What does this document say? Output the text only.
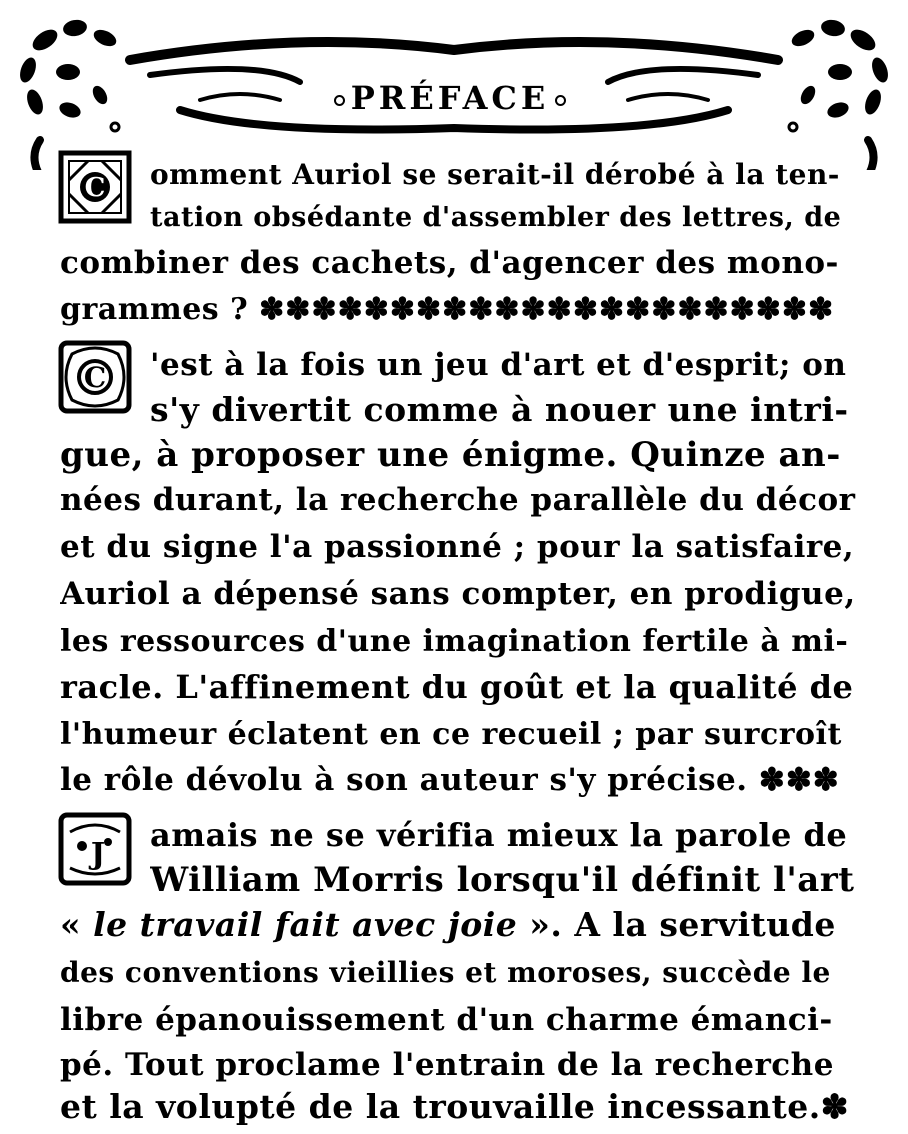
PRÉFACE
C
C
J
omment Auriol se serait-il dérobé à la ten-
tation obsédante d'assembler des lettres, de
combiner des cachets, d'agencer des mono-
grammes ? ✽✽✽✽✽✽✽✽✽✽✽✽✽✽✽✽✽✽✽✽✽✽
'est à la fois un jeu d'art et d'esprit; on
s'y divertit comme à nouer une intri-
gue, à proposer une énigme. Quinze an-
nées durant, la recherche parallèle du décor
et du signe l'a passionné ; pour la satisfaire,
Auriol a dépensé sans compter, en prodigue,
les ressources d'une imagination fertile à mi-
racle. L'affinement du goût et la qualité de
l'humeur éclatent en ce recueil ; par surcroît
le rôle dévolu à son auteur s'y précise. ✽✽✽
amais ne se vérifia mieux la parole de
William Morris lorsqu'il définit l'art
« le travail fait avec joie ». A la servitude
des conventions vieillies et moroses, succède le
libre épanouissement d'un charme émanci-
pé. Tout proclame l'entrain de la recherche
et la volupté de la trouvaille incessante.✽
